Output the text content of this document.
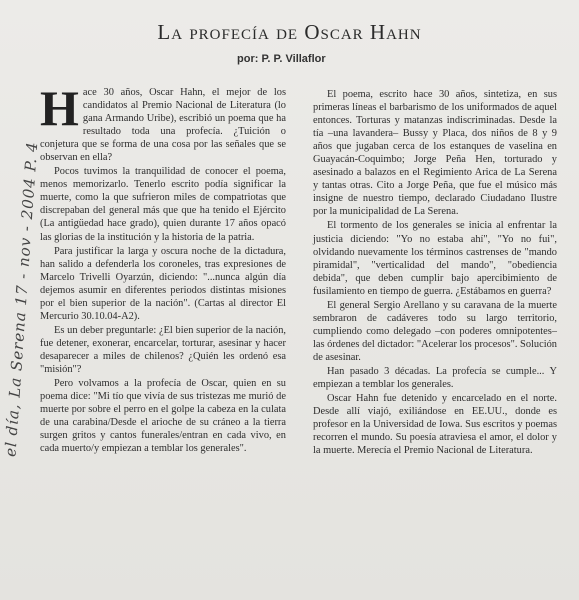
La profecía de Oscar Hahn
por: P. P. Villaflor

Hace 30 años, Oscar Hahn, el mejor de los candidatos al Premio Nacional de Literatura (lo gana Armando Uribe), escribió un poema que ha resultado toda una profecía. ¿Tuición o conjetura que se forma de una cosa por las señales que se observan en ella?

Pocos tuvimos la tranquilidad de conocer el poema, menos memorizarlo. Tenerlo escrito podía significar la muerte, como la que sufrieron miles de compatriotas que discrepaban del general más que que ha tenido el Ejército (La antigüedad hace grado), quien durante 17 años opacó las glorias de la institución y la historia de la patria.

Para justificar la larga y oscura noche de la dictadura, han salido a defenderla los coroneles, tras expresiones de Marcelo Trivelli Oyarzún, diciendo: "...nunca algún día dejemos asumir en diferentes periodos distintas misiones por el bien superior de la nación". (Cartas al director El Mercurio 30.10.04-A2).

Es un deber preguntarle: ¿El bien superior de la nación, fue detener, exonerar, encarcelar, torturar, asesinar y hacer desaparecer a miles de chilenos? ¿Quién les ordenó esa "misión"?

Pero volvamos a la profecía de Oscar, quien en su poema dice: "Mi tío que vivía de sus tristezas me murió de muerte por sobre el perro en el golpe la cabeza en la culata de una carabina/Desde el arioche de su cráneo a la tierra surgen gritos y cantos funerales/entran en cada vivo, en cada muerto/y empiezan a temblar los generales".

El poema, escrito hace 30 años, sintetiza, en sus primeras líneas el barbarismo de los uniformados de aquel entonces. Torturas y matanzas indiscriminadas. Desde la tía –una lavandera– Bussy y Placa, dos niños de 8 y 9 años que jugaban cerca de los estanques de vaselina en Guayacán-Coquimbo; Jorge Peña Hen, torturado y asesinado a balazos en el Regimiento Arica de La Serena y tantas otras. Cito a Jorge Peña, que fue el músico más insigne de nuestro tiempo, declarado Ciudadano Ilustre por la municipalidad de La Serena.

El tormento de los generales se inicia al enfrentar la justicia diciendo: "Yo no estaba ahí", "Yo no fui", olvidando nuevamente los términos castrenses de "mando piramidal", "verticalidad del mando", "obediencia debida", que deben cumplir bajo apercibimiento de fusilamiento en tiempo de guerra. ¿Estábamos en guerra?

El general Sergio Arellano y su caravana de la muerte sembraron de cadáveres todo su largo territorio, cumpliendo como delegado –con poderes omnipotentes– las órdenes del dictador: "Acelerar los procesos". Solución de asesinar.

Han pasado 3 décadas. La profecía se cumple... Y empiezan a temblar los generales.

Oscar Hahn fue detenido y encarcelado en el norte. Desde allí viajó, exiliándose en EE.UU., donde es profesor en la Universidad de Iowa. Sus escritos y poemas recorren el mundo. Su poesía atraviesa el amor, el dolor y la muerte. Merecía el Premio Nacional de Literatura.

el día, La Serena 17 - nov - 2004 P. 4
